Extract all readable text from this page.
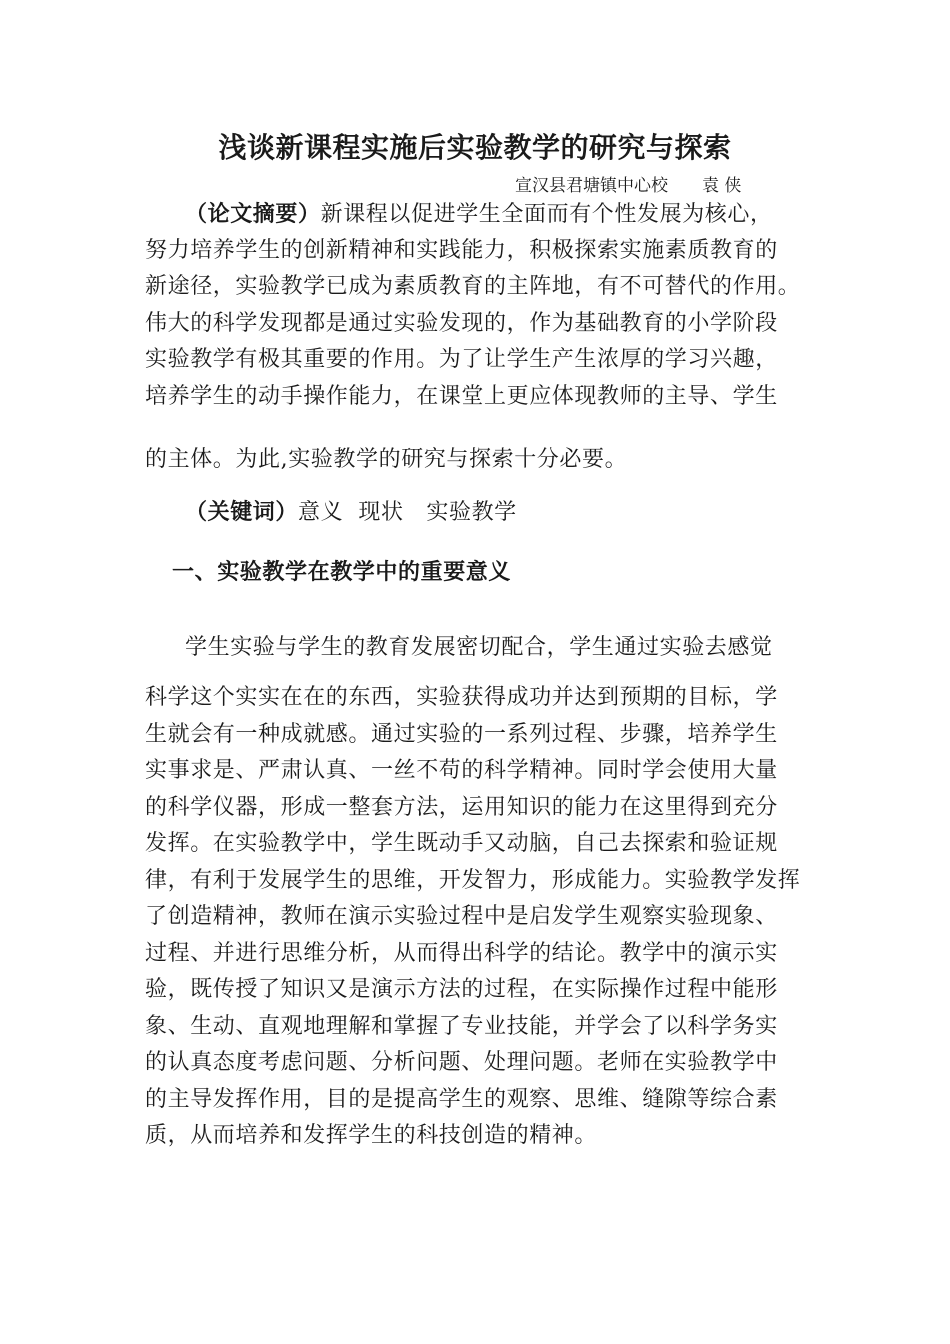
浅谈新课程实施后实验教学的研究与探索
宣汉县君塘镇中心校　　袁 侠
（论文摘要）新课程以促进学生全面而有个性发展为核心，
努力培养学生的创新精神和实践能力，积极探索实施素质教育的
新途径，实验教学已成为素质教育的主阵地，有不可替代的作用。
伟大的科学发现都是通过实验发现的，作为基础教育的小学阶段
实验教学有极其重要的作用。为了让学生产生浓厚的学习兴趣，
培养学生的动手操作能力，在课堂上更应体现教师的主导、学生
的主体。为此,实验教学的研究与探索十分必要。
（关键词）意义  现状   实验教学
一、实验教学在教学中的重要意义
学生实验与学生的教育发展密切配合，学生通过实验去感觉
科学这个实实在在的东西，实验获得成功并达到预期的目标，学
生就会有一种成就感。通过实验的一系列过程、步骤，培养学生
实事求是、严肃认真、一丝不苟的科学精神。同时学会使用大量
的科学仪器，形成一整套方法，运用知识的能力在这里得到充分
发挥。在实验教学中，学生既动手又动脑，自己去探索和验证规
律，有利于发展学生的思维，开发智力，形成能力。实验教学发挥
了创造精神，教师在演示实验过程中是启发学生观察实验现象、
过程、并进行思维分析，从而得出科学的结论。教学中的演示实
验，既传授了知识又是演示方法的过程，在实际操作过程中能形
象、生动、直观地理解和掌握了专业技能，并学会了以科学务实
的认真态度考虑问题、分析问题、处理问题。老师在实验教学中
的主导发挥作用，目的是提高学生的观察、思维、缝隙等综合素
质，从而培养和发挥学生的科技创造的精神。
